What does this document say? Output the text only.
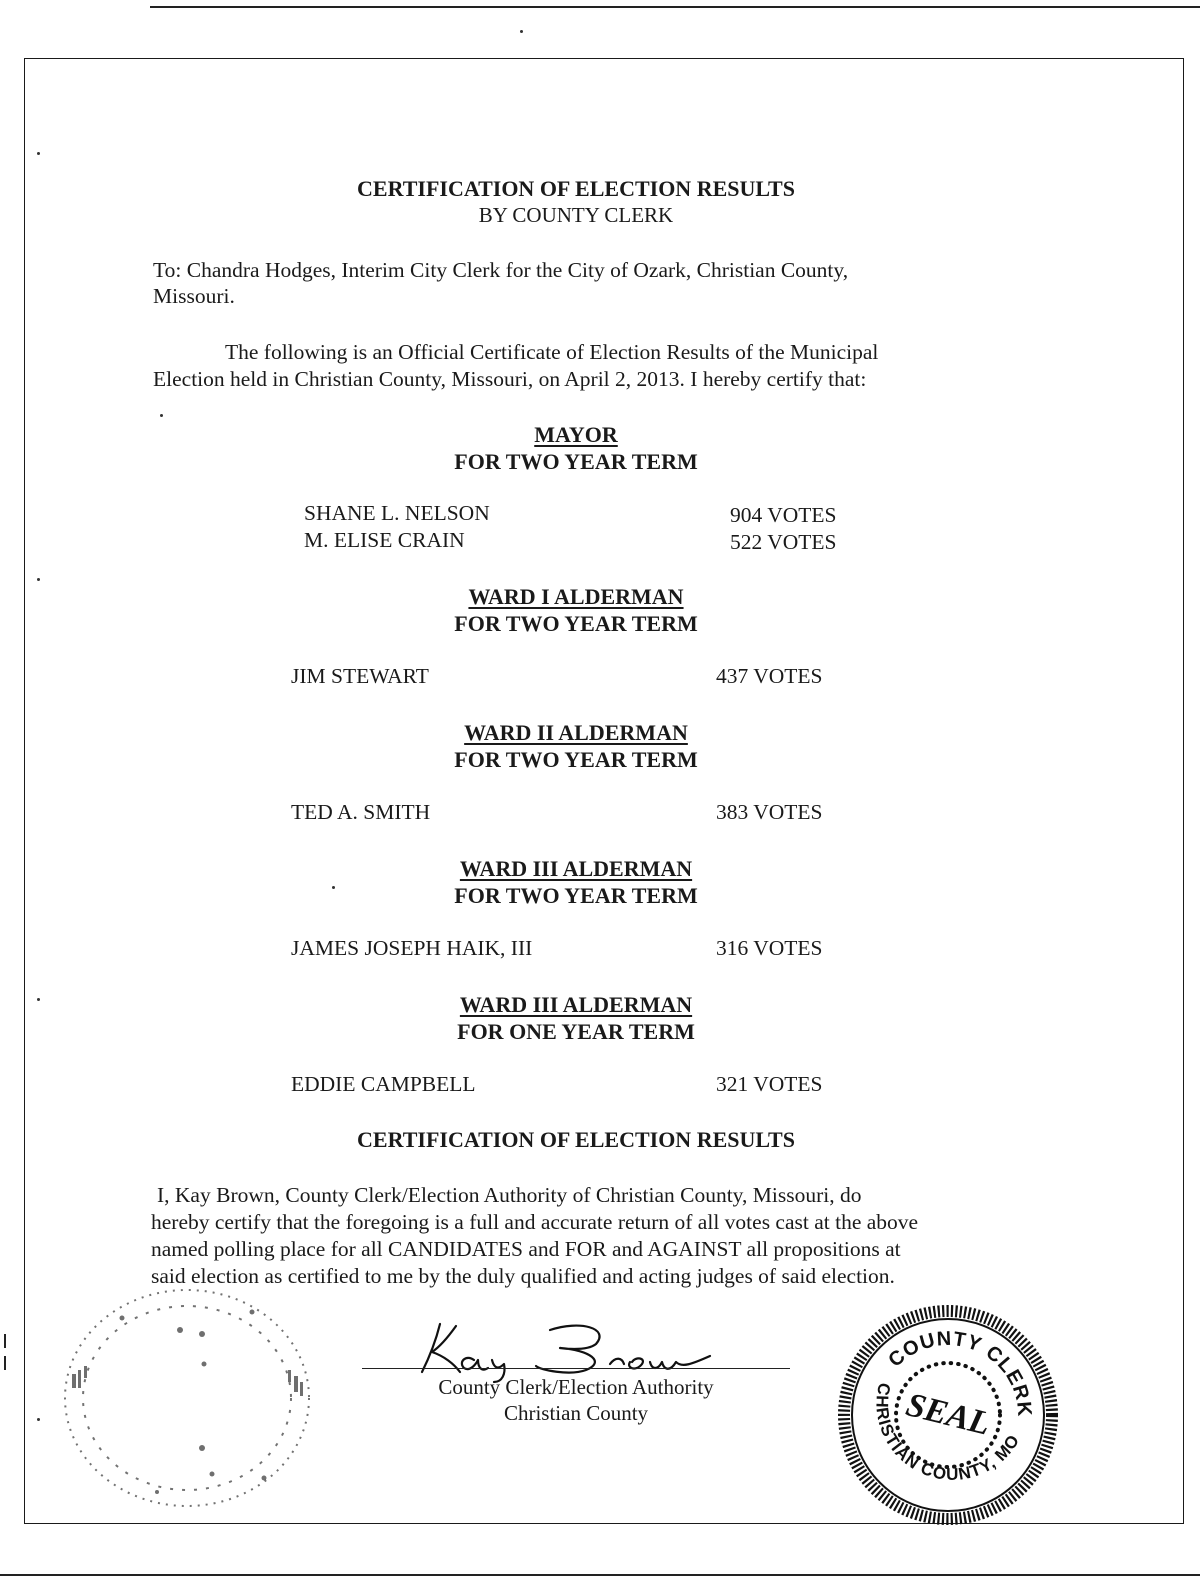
CERTIFICATION OF ELECTION RESULTS
BY COUNTY CLERK
To: Chandra Hodges, Interim City Clerk for the City of Ozark, Christian County,
Missouri.
The following is an Official Certificate of Election Results of the Municipal
Election held in Christian County, Missouri, on April 2, 2013. I hereby certify that:
MAYOR
FOR TWO YEAR TERM
SHANE L. NELSON	904 VOTES
M. ELISE CRAIN	522 VOTES
WARD I ALDERMAN
FOR TWO YEAR TERM
JIM STEWART	437 VOTES
WARD II ALDERMAN
FOR TWO YEAR TERM
TED A. SMITH	383 VOTES
WARD III ALDERMAN
FOR TWO YEAR TERM
JAMES JOSEPH HAIK, III	316 VOTES
WARD III ALDERMAN
FOR ONE YEAR TERM
EDDIE CAMPBELL	321 VOTES
CERTIFICATION OF ELECTION RESULTS
I, Kay Brown, County Clerk/Election Authority of Christian County, Missouri, do
hereby certify that the foregoing is a full and accurate return of all votes cast at the above
named polling place for all CANDIDATES and FOR and AGAINST all propositions at
said election as certified to me by the duly qualified and acting judges of said election.
County Clerk/Election Authority
Christian County
COUNTY CLERK
CHRISTIAN COUNTY, MO
SEAL
